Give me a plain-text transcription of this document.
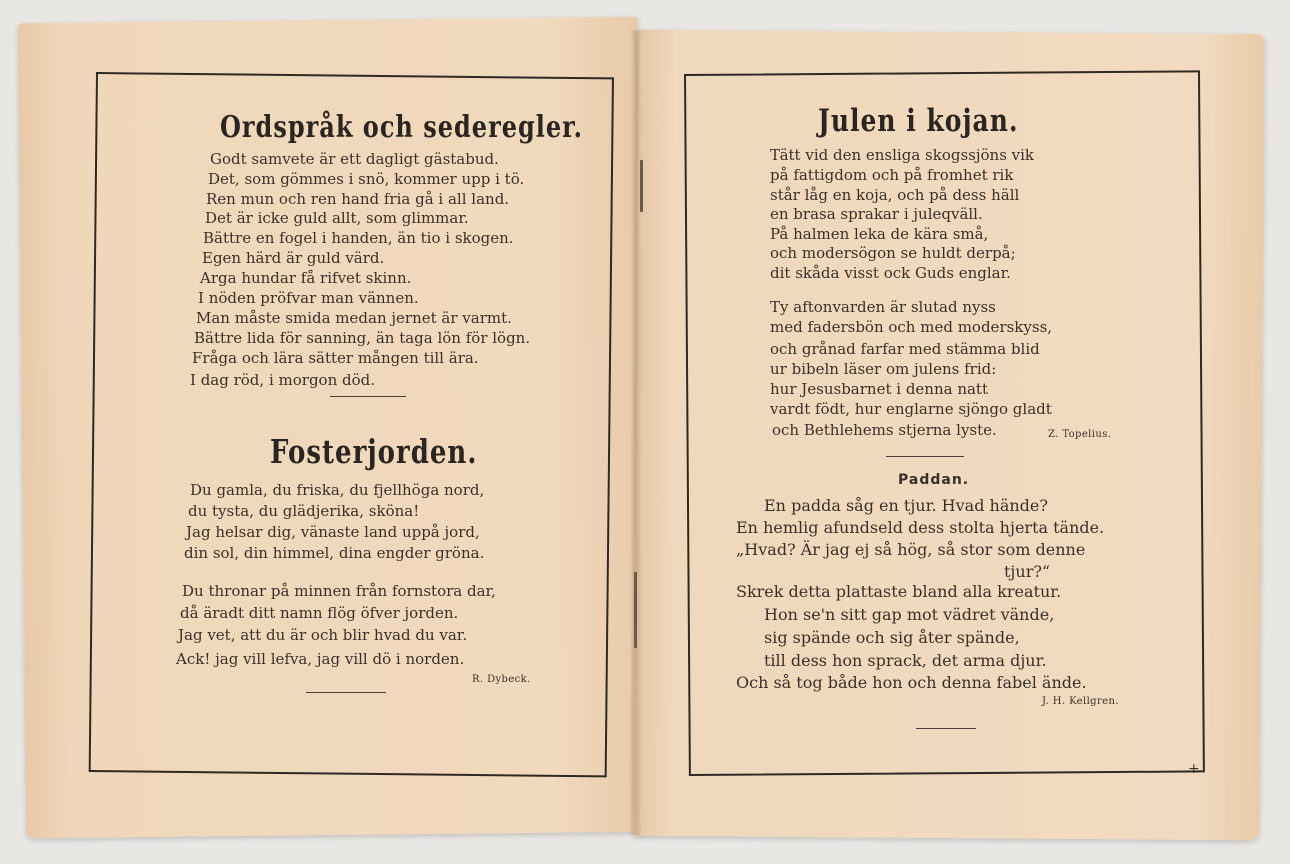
Ordspråk och sederegler.
Godt samvete är ett dagligt gästabud.
Det, som gömmes i snö, kommer upp i tö.
Ren mun och ren hand fria gå i all land.
Det är icke guld allt, som glimmar.
Bättre en fogel i handen, än tio i skogen.
Egen härd är guld värd.
Arga hundar få rifvet skinn.
I nöden pröfvar man vännen.
Man måste smida medan jernet är varmt.
Bättre lida för sanning, än taga lön för lögn.
Fråga och lära sätter mången till ära.
I dag röd, i morgon död.
Fosterjorden.
Du gamla, du friska, du fjellhöga nord,
du tysta, du glädjerika, sköna!
Jag helsar dig, vänaste land uppå jord,
din sol, din himmel, dina engder gröna.
Du thronar på minnen från fornstora dar,
då äradt ditt namn flög öfver jorden.
Jag vet, att du är och blir hvad du var.
Ack! jag vill lefva, jag vill dö i norden.
R. Dybeck.
Julen i kojan.
Tätt vid den ensliga skogssjöns vik
på fattigdom och på fromhet rik
står låg en koja, och på dess häll
en brasa sprakar i juleqväll.
På halmen leka de kära små,
och modersögon se huldt derpå;
dit skåda visst ock Guds englar.
Ty aftonvarden är slutad nyss
med fadersbön och med moderskyss,
och grånad farfar med stämma blid
ur bibeln läser om julens frid:
hur Jesusbarnet i denna natt
vardt födt, hur englarne sjöngo gladt
och Bethlehems stjerna lyste.	Z. Topelius.
Paddan.
En padda såg en tjur. Hvad hände?
En hemlig afundseld dess stolta hjerta tände.
„Hvad? Är jag ej så hög, så stor som denne
tjur?“
Skrek detta plattaste bland alla kreatur.
Hon se'n sitt gap mot vädret vände,
sig spände och sig åter spände,
till dess hon sprack, det arma djur.
Och så tog både hon och denna fabel ände.
J. H. Kellgren.
+
